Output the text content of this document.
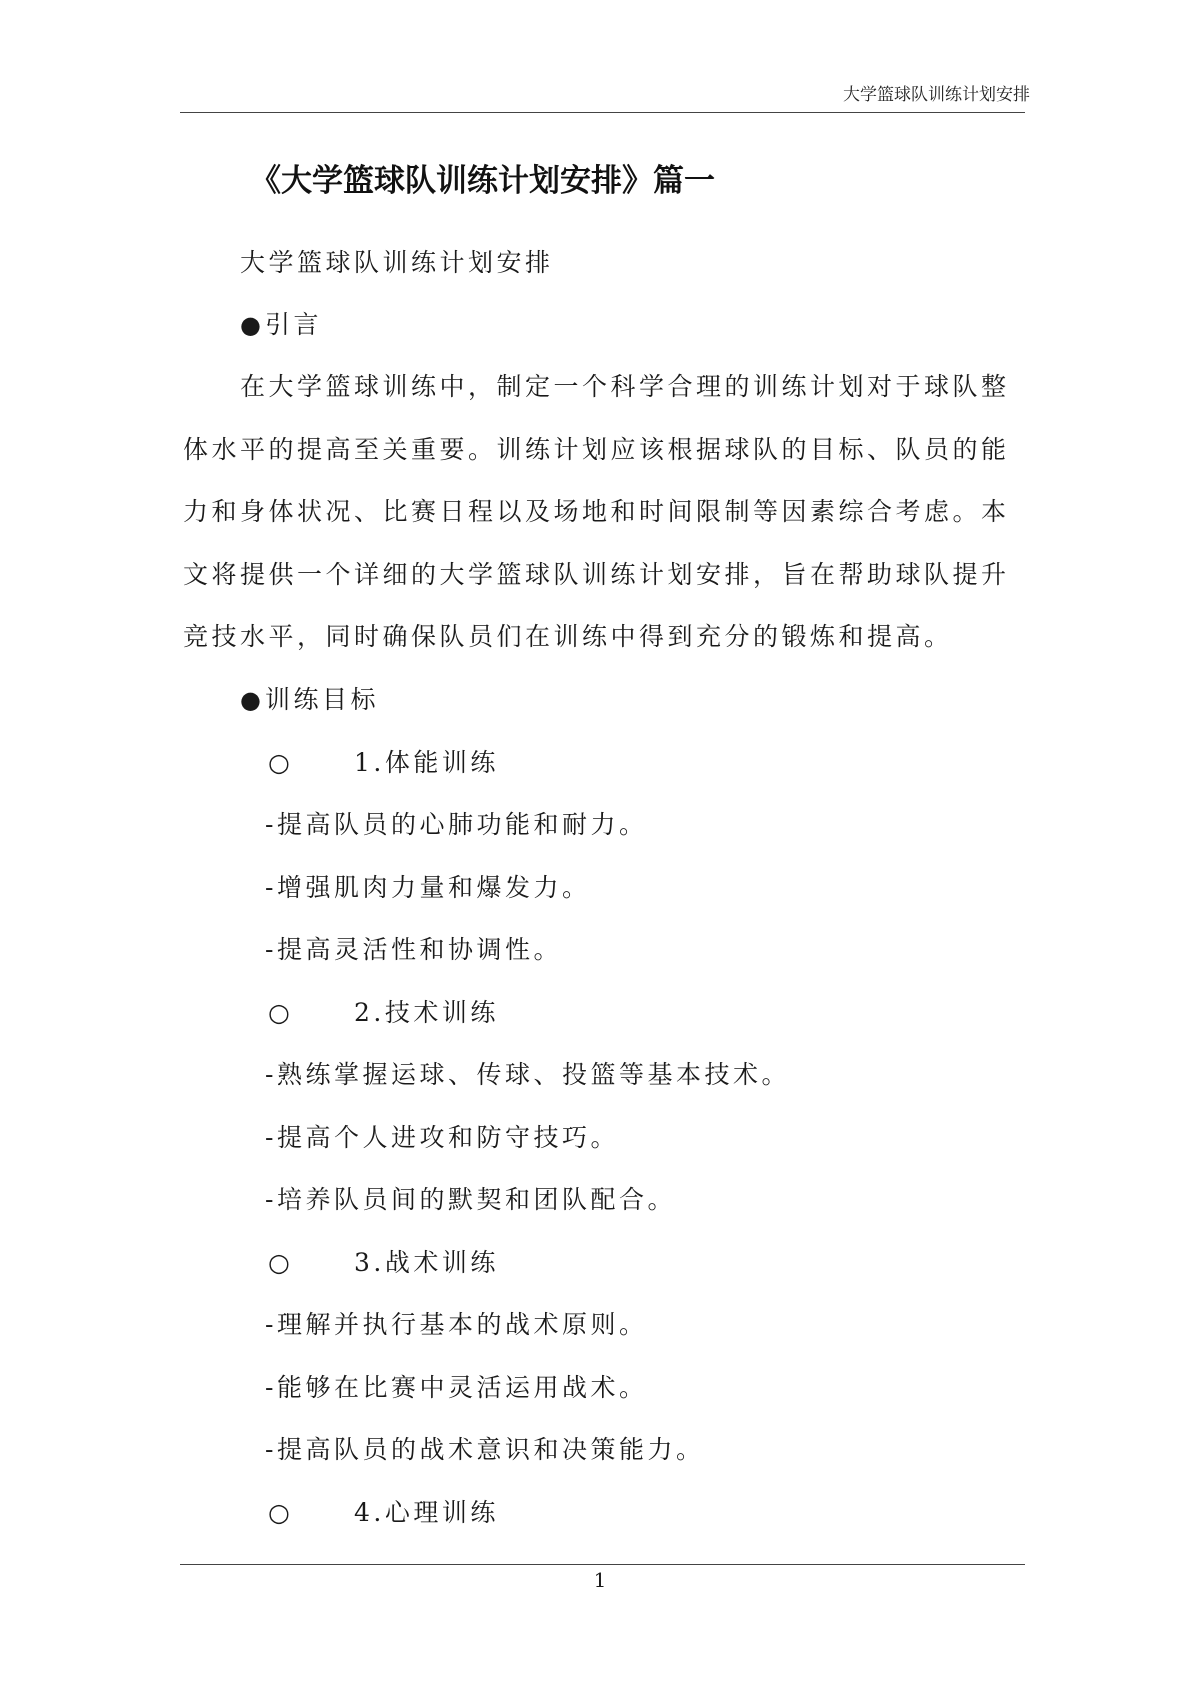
大学篮球队训练计划安排
《大学篮球队训练计划安排》篇一
大学篮球队训练计划安排
● 引言
在大学篮球训练中，制定一个科学合理的训练计划对于球队整
体水平的提高至关重要。训练计划应该根据球队的目标、队员的能
力和身体状况、比赛日程以及场地和时间限制等因素综合考虑。本
文将提供一个详细的大学篮球队训练计划安排，旨在帮助球队提升
竞技水平，同时确保队员们在训练中得到充分的锻炼和提高。
● 训练目标
○	1.体能训练
-提高队员的心肺功能和耐力。
-增强肌肉力量和爆发力。
-提高灵活性和协调性。
○	2.技术训练
-熟练掌握运球、传球、投篮等基本技术。
-提高个人进攻和防守技巧。
-培养队员间的默契和团队配合。
○	3.战术训练
-理解并执行基本的战术原则。
-能够在比赛中灵活运用战术。
-提高队员的战术意识和决策能力。
○	4.心理训练
1
